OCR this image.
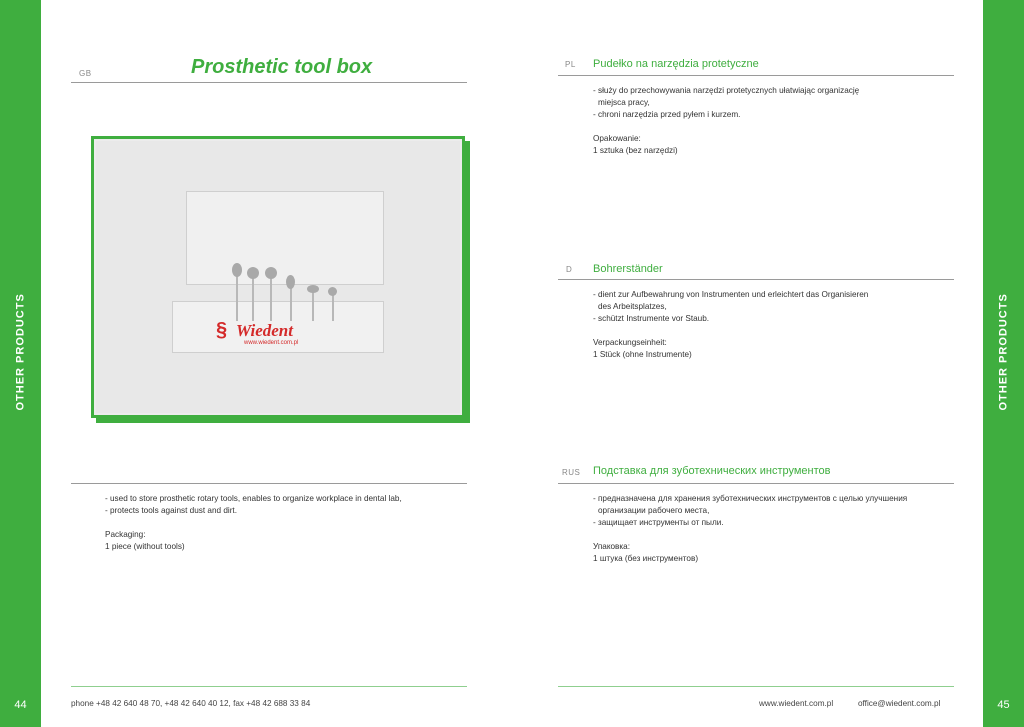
OTHER PRODUCTS
44
OTHER PRODUCTS
45
GB	Prosthetic tool box
§ Wiedent
www.wiedent.com.pl

- used to store prosthetic rotary tools, enables to organize workplace in dental lab,

- protects tools against dust and dirt.

Packaging:

1 piece (without tools)

PL Pudełko na narzędzia protetyczne

- służy do przechowywania narzędzi protetycznych ułatwiając organizację

miejsca pracy,

- chroni narzędzia przed pyłem i kurzem.

Opakowanie:

1 sztuka (bez narzędzi)

D Bohrerständer

- dient zur Aufbewahrung von Instrumenten und erleichtert das Organisieren

des Arbeitsplatzes,

- schützt Instrumente vor Staub.

Verpackungseinheit:

1 Stück (ohne Instrumente)

RUS Подставка для зуботехнических инструментов

- предназначена для хранения зуботехнических инструментов с целью улучшения

организации рабочего места,

- защищает инструменты от пыли.

Упаковка:

1 штука (без инструментов)

phone +48 42 640 48 70, +48 42 640 40 12, fax +48 42 688 33 84	www.wiedent.com.pl	office@wiedent.com.pl
